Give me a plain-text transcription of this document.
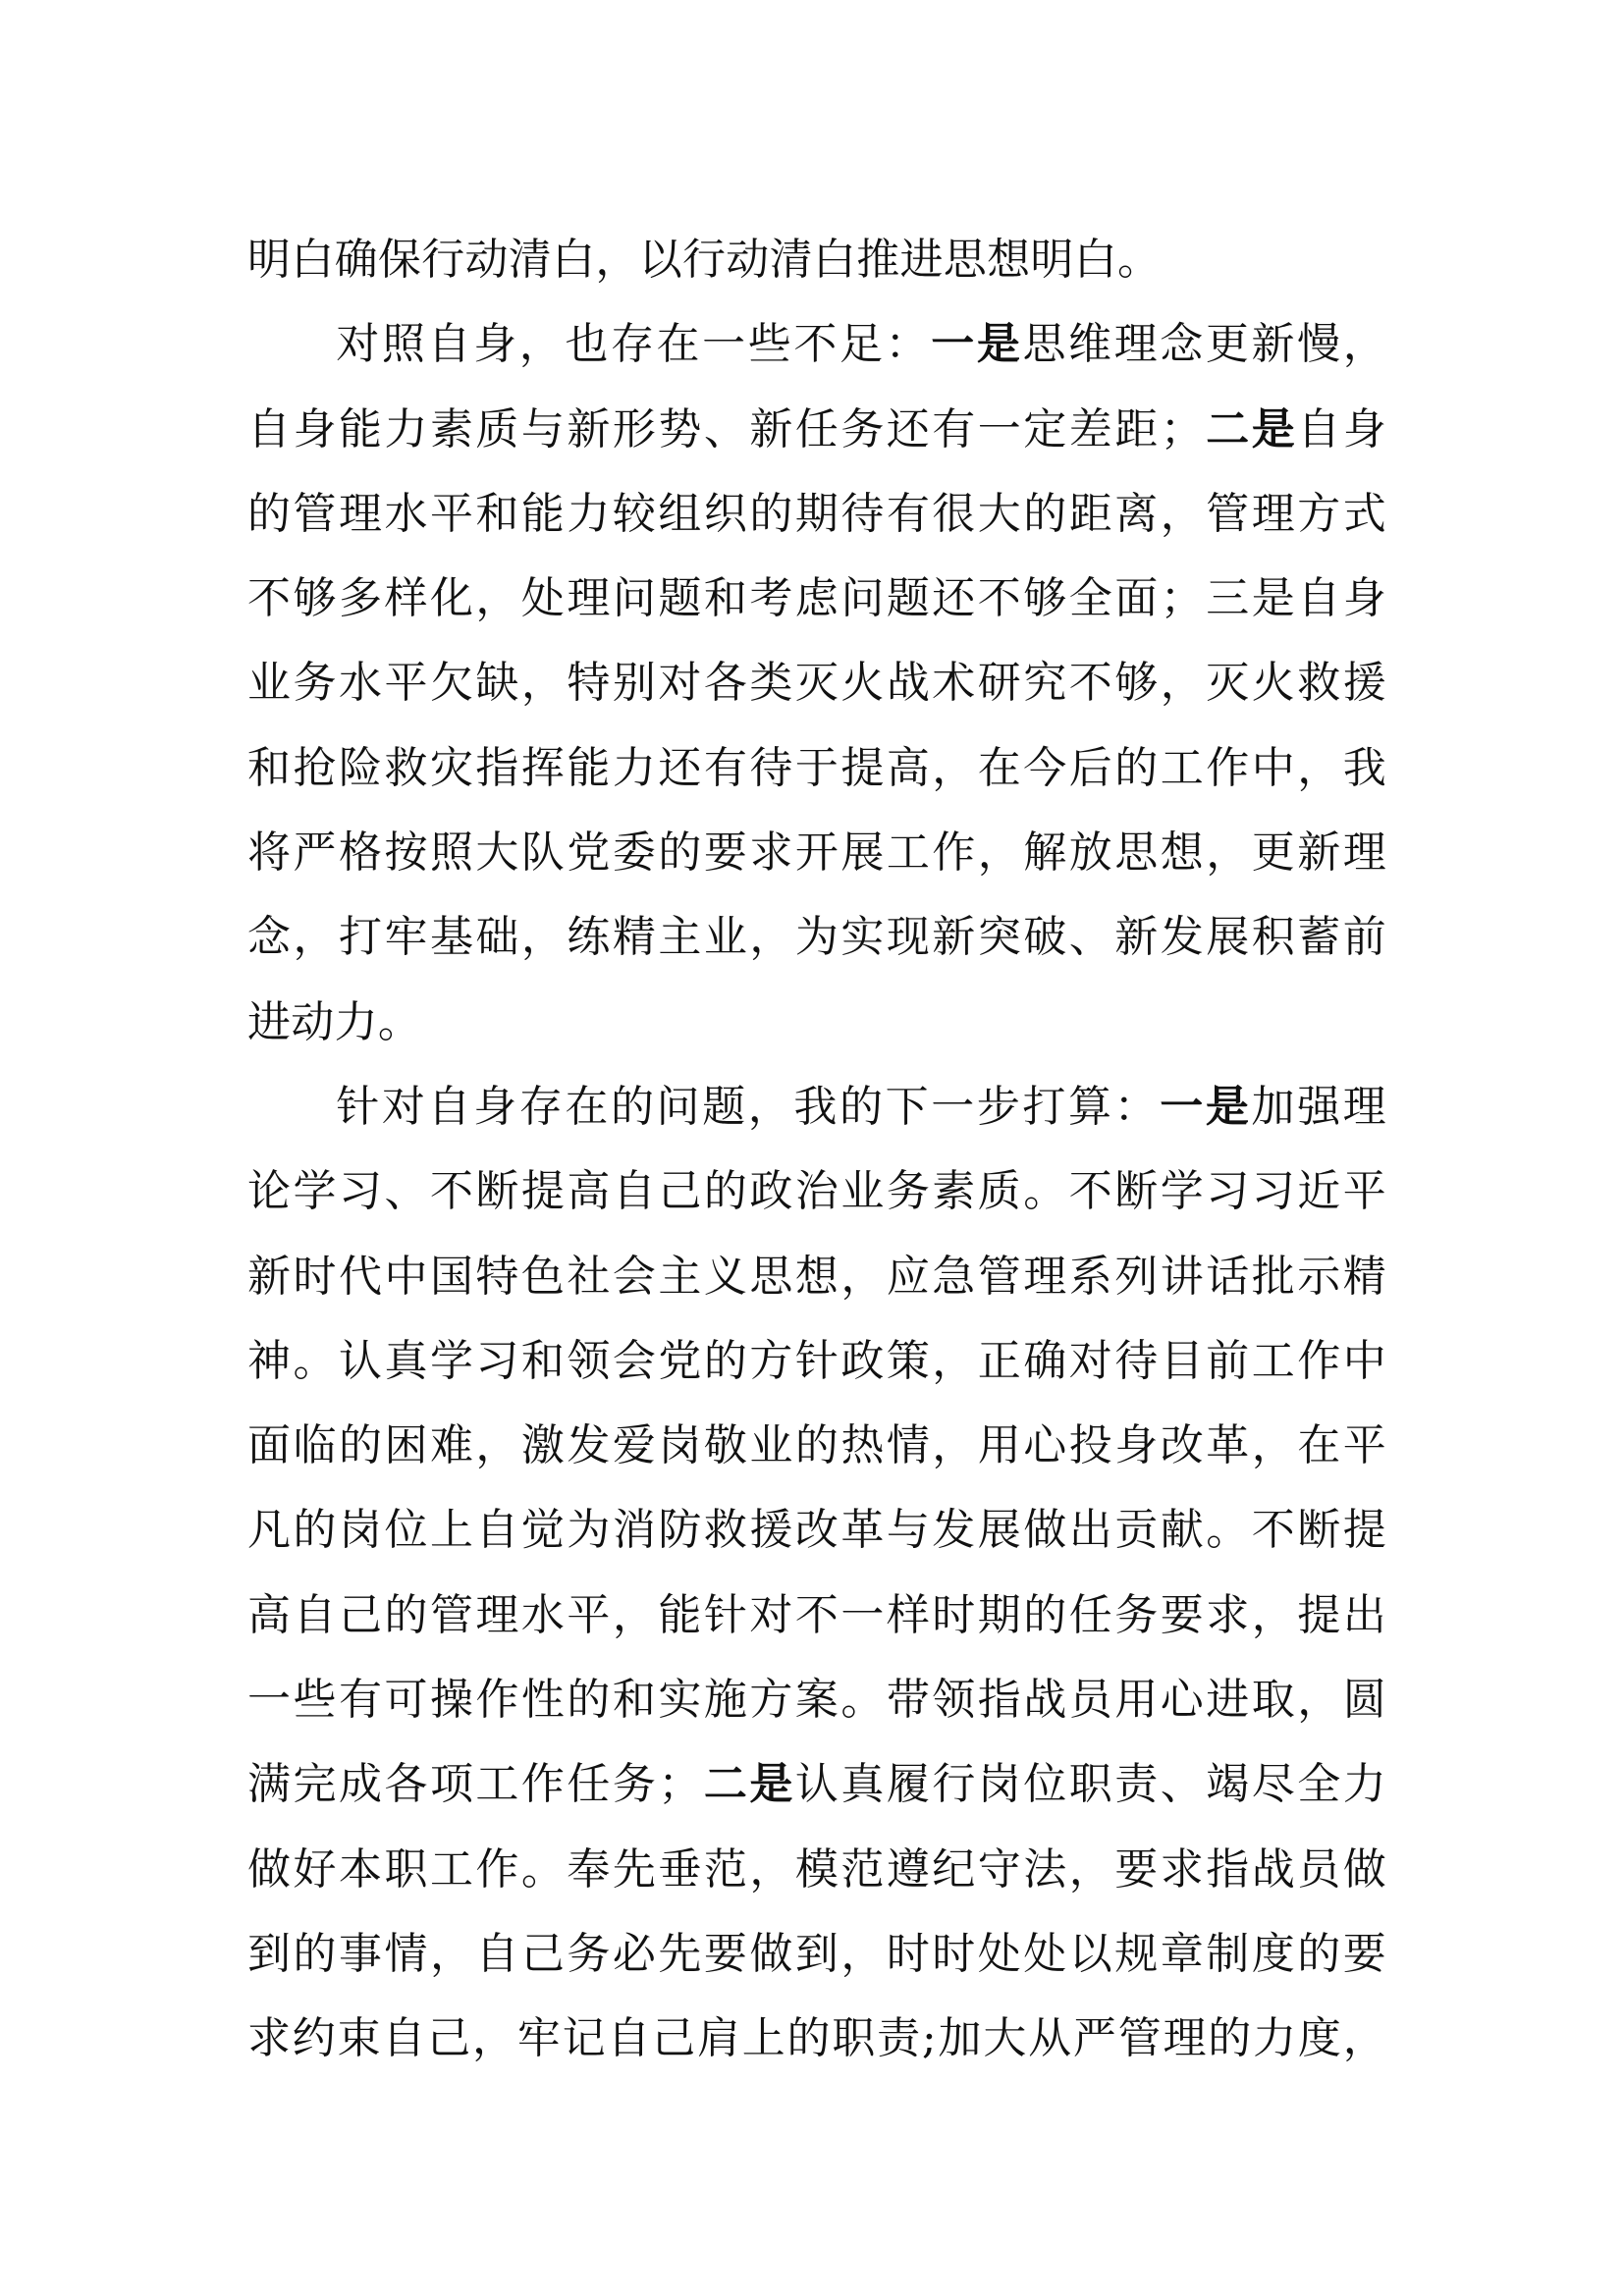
明白确保行动清白，以行动清白推进思想明白。
对照自身，也存在一些不足：一是思维理念更新慢，
自身能力素质与新形势、新任务还有一定差距；二是自身
的管理水平和能力较组织的期待有很大的距离，管理方式
不够多样化，处理问题和考虑问题还不够全面；三是自身
业务水平欠缺，特别对各类灭火战术研究不够，灭火救援
和抢险救灾指挥能力还有待于提高，在今后的工作中，我
将严格按照大队党委的要求开展工作，解放思想，更新理
念，打牢基础，练精主业，为实现新突破、新发展积蓄前
进动力。
针对自身存在的问题，我的下一步打算：一是加强理
论学习、不断提高自己的政治业务素质。不断学习习近平
新时代中国特色社会主义思想，应急管理系列讲话批示精
神。认真学习和领会党的方针政策，正确对待目前工作中
面临的困难，激发爱岗敬业的热情，用心投身改革，在平
凡的岗位上自觉为消防救援改革与发展做出贡献。不断提
高自己的管理水平，能针对不一样时期的任务要求，提出
一些有可操作性的和实施方案。带领指战员用心进取，圆
满完成各项工作任务；二是认真履行岗位职责、竭尽全力
做好本职工作。奉先垂范，模范遵纪守法，要求指战员做
到的事情，自己务必先要做到，时时处处以规章制度的要
求约束自己，牢记自己肩上的职责;加大从严管理的力度，
